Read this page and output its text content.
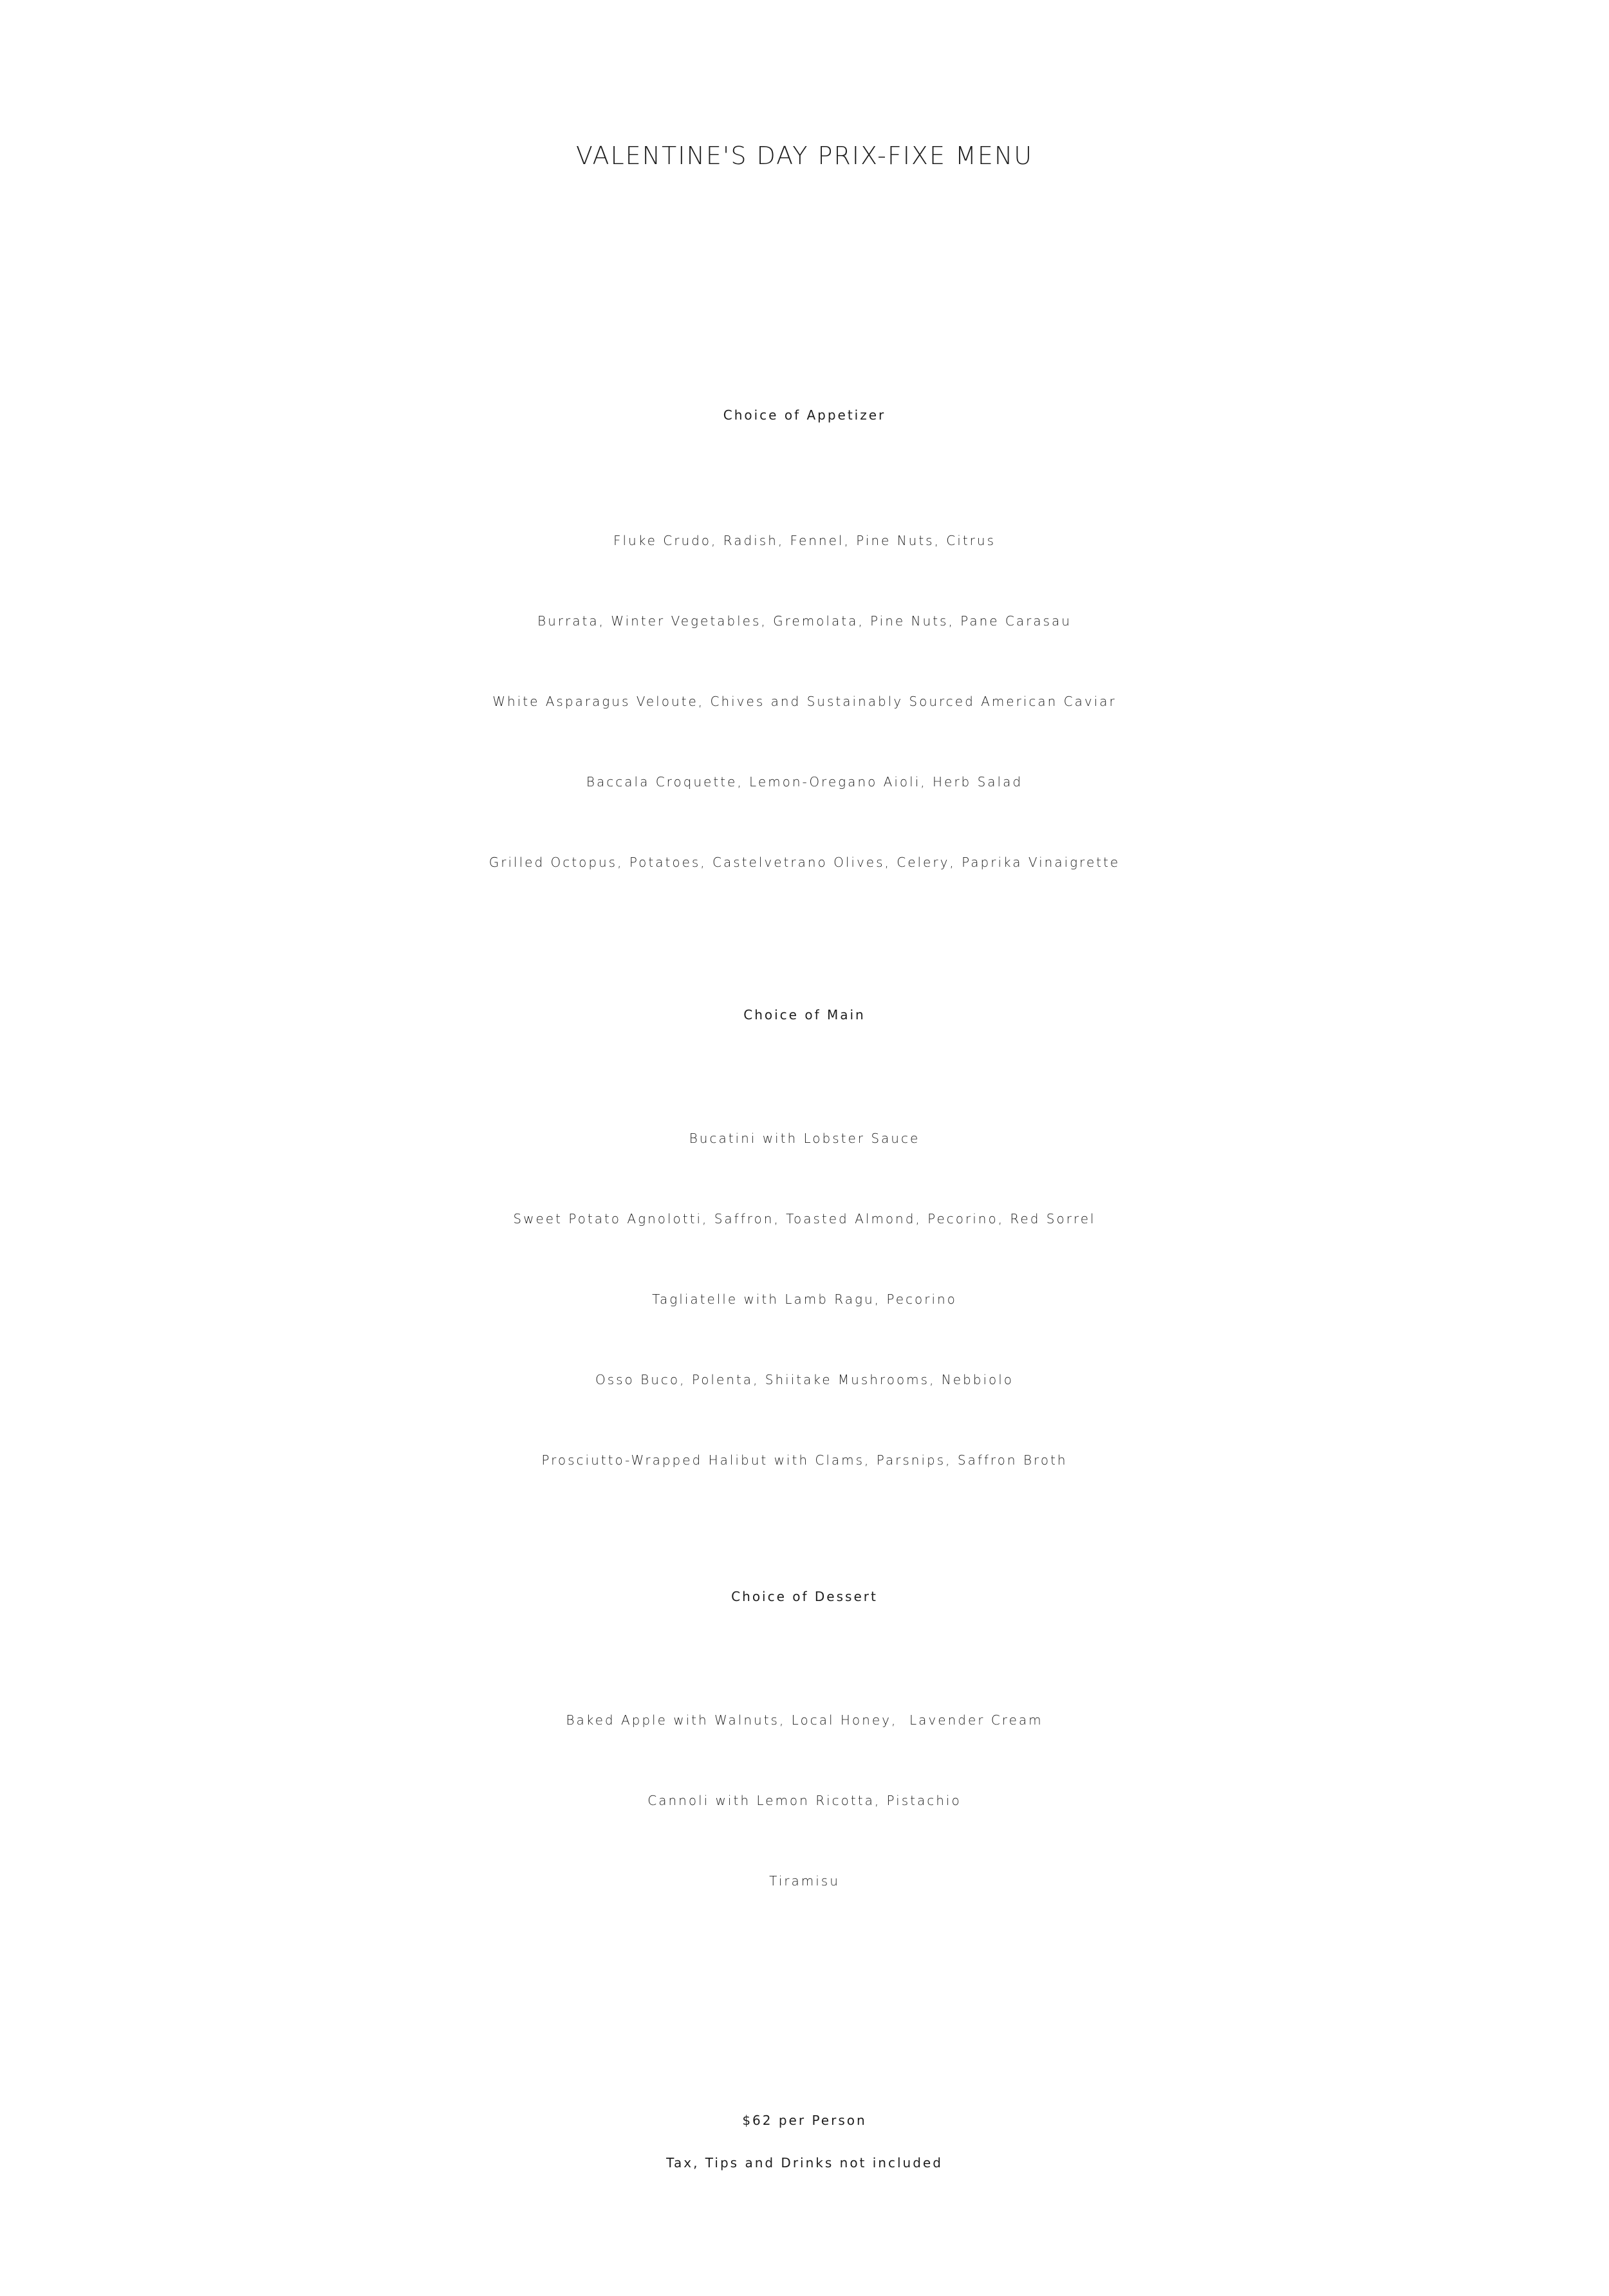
VALENTINE'S DAY PRIX-FIXE MENU
Choice of Appetizer
Fluke Crudo, Radish, Fennel, Pine Nuts, Citrus
Burrata, Winter Vegetables, Gremolata, Pine Nuts, Pane Carasau
White Asparagus Veloute, Chives and Sustainably Sourced American Caviar
Baccala Croquette, Lemon-Oregano Aioli, Herb Salad
Grilled Octopus, Potatoes, Castelvetrano Olives, Celery, Paprika Vinaigrette
Choice of Main
Bucatini with Lobster Sauce
Sweet Potato Agnolotti, Saffron, Toasted Almond, Pecorino, Red Sorrel
Tagliatelle with Lamb Ragu, Pecorino
Osso Buco, Polenta, Shiitake Mushrooms, Nebbiolo
Prosciutto-Wrapped Halibut with Clams, Parsnips, Saffron Broth
Choice of Dessert
Baked Apple with Walnuts, Local Honey,  Lavender Cream
Cannoli with Lemon Ricotta, Pistachio
Tiramisu
$62 per Person
Tax, Tips and Drinks not included
